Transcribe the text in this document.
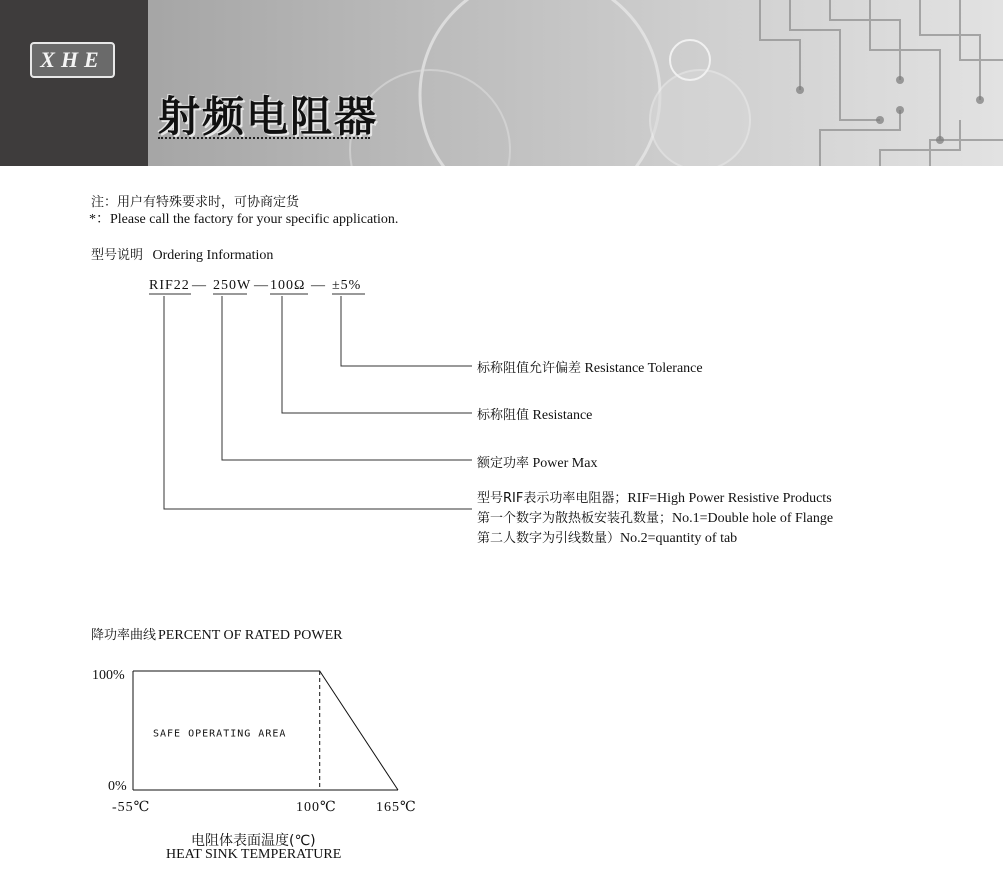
XHE
射频电阻器
注：用户有特殊要求时，可协商定货
*：Please call the factory for your specific application.
型号说明 Ordering Information
RIF22 — 250W — 100Ω — ±5%
标称阻值允许偏差 Resistance Tolerance
标称阻值 Resistance
额定功率 Power Max
型号RIF表示功率电阻器；RIF=High Power Resistive Products
第一个数字为散热板安装孔数量；No.1=Double hole of Flange
第二人数字为引线数量）No.2=quantity of tab
降功率曲线 PERCENT OF RATED POWER
SAFE OPERATING AREA
100%
0%
-55℃	100℃	165℃
电阻体表面温度(℃)
HEAT SINK TEMPERATURE
